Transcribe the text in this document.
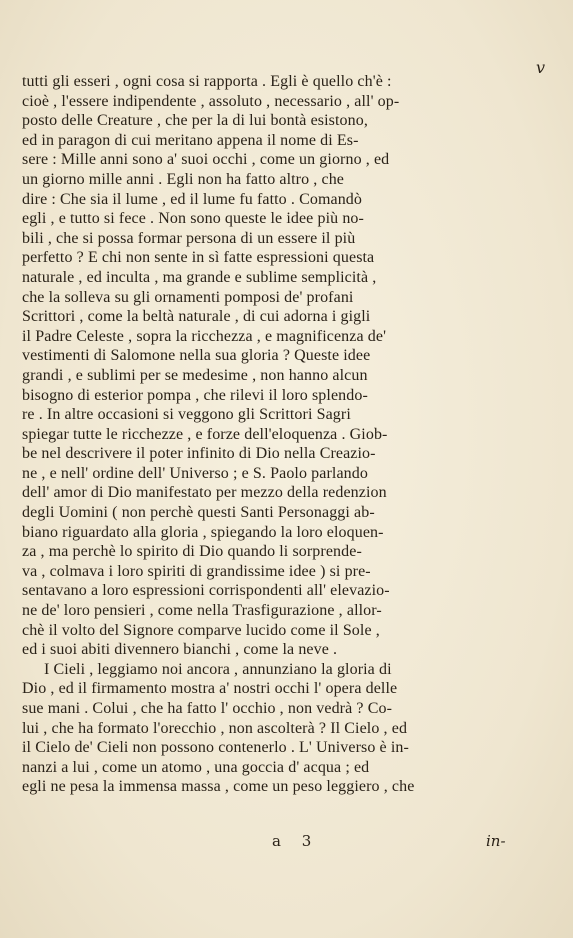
v
tutti gli esseri , ogni cosa si rapporta . Egli è quello ch'è :
cioè , l'essere indipendente , assoluto , necessario , all' op-
posto delle Creature , che per la di lui bontà esistono,
ed in paragon di cui meritano appena il nome di Es-
sere : Mille anni sono a' suoi occhi , come un giorno , ed
un giorno mille anni . Egli non ha fatto altro , che
dire : Che sia il lume , ed il lume fu fatto . Comandò
egli , e tutto si fece . Non sono queste le idee più no-
bili , che si possa formar persona di un essere il più
perfetto ? E chi non sente in sì fatte espressioni questa
naturale , ed inculta , ma grande e sublime semplicità ,
che la solleva su gli ornamenti pomposi de' profani
Scrittori , come la beltà naturale , di cui adorna i gigli
il Padre Celeste , sopra la ricchezza , e magnificenza de'
vestimenti di Salomone nella sua gloria ? Queste idee
grandi , e sublimi per se medesime , non hanno alcun
bisogno di esterior pompa , che rilevi il loro splendo-
re . In altre occasioni si veggono gli Scrittori Sagri
spiegar tutte le ricchezze , e forze dell'eloquenza . Giob-
be nel descrivere il poter infinito di Dio nella Creazio-
ne , e nell' ordine dell' Universo ; e S. Paolo parlando
dell' amor di Dio manifestato per mezzo della redenzion
degli Uomini ( non perchè questi Santi Personaggi ab-
biano riguardato alla gloria , spiegando la loro eloquen-
za , ma perchè lo spirito di Dio quando li sorprende-
va , colmava i loro spiriti di grandissime idee ) si pre-
sentavano a loro espressioni corrispondenti all' elevazio-
ne de' loro pensieri , come nella Trasfigurazione , allor-
chè il volto del Signore comparve lucido come il Sole ,
ed i suoi abiti divennero bianchi , come la neve .
I Cieli , leggiamo noi ancora , annunziano la gloria di
Dio , ed il firmamento mostra a' nostri occhi l' opera delle
sue mani . Colui , che ha fatto l' occhio , non vedrà ? Co-
lui , che ha formato l'orecchio , non ascolterà ? Il Cielo , ed
il Cielo de' Cieli non possono contenerlo . L' Universo è in-
nanzi a lui , come un atomo , una goccia d' acqua ; ed
egli ne pesa la immensa massa , come un peso leggiero , che
a 3	in-
